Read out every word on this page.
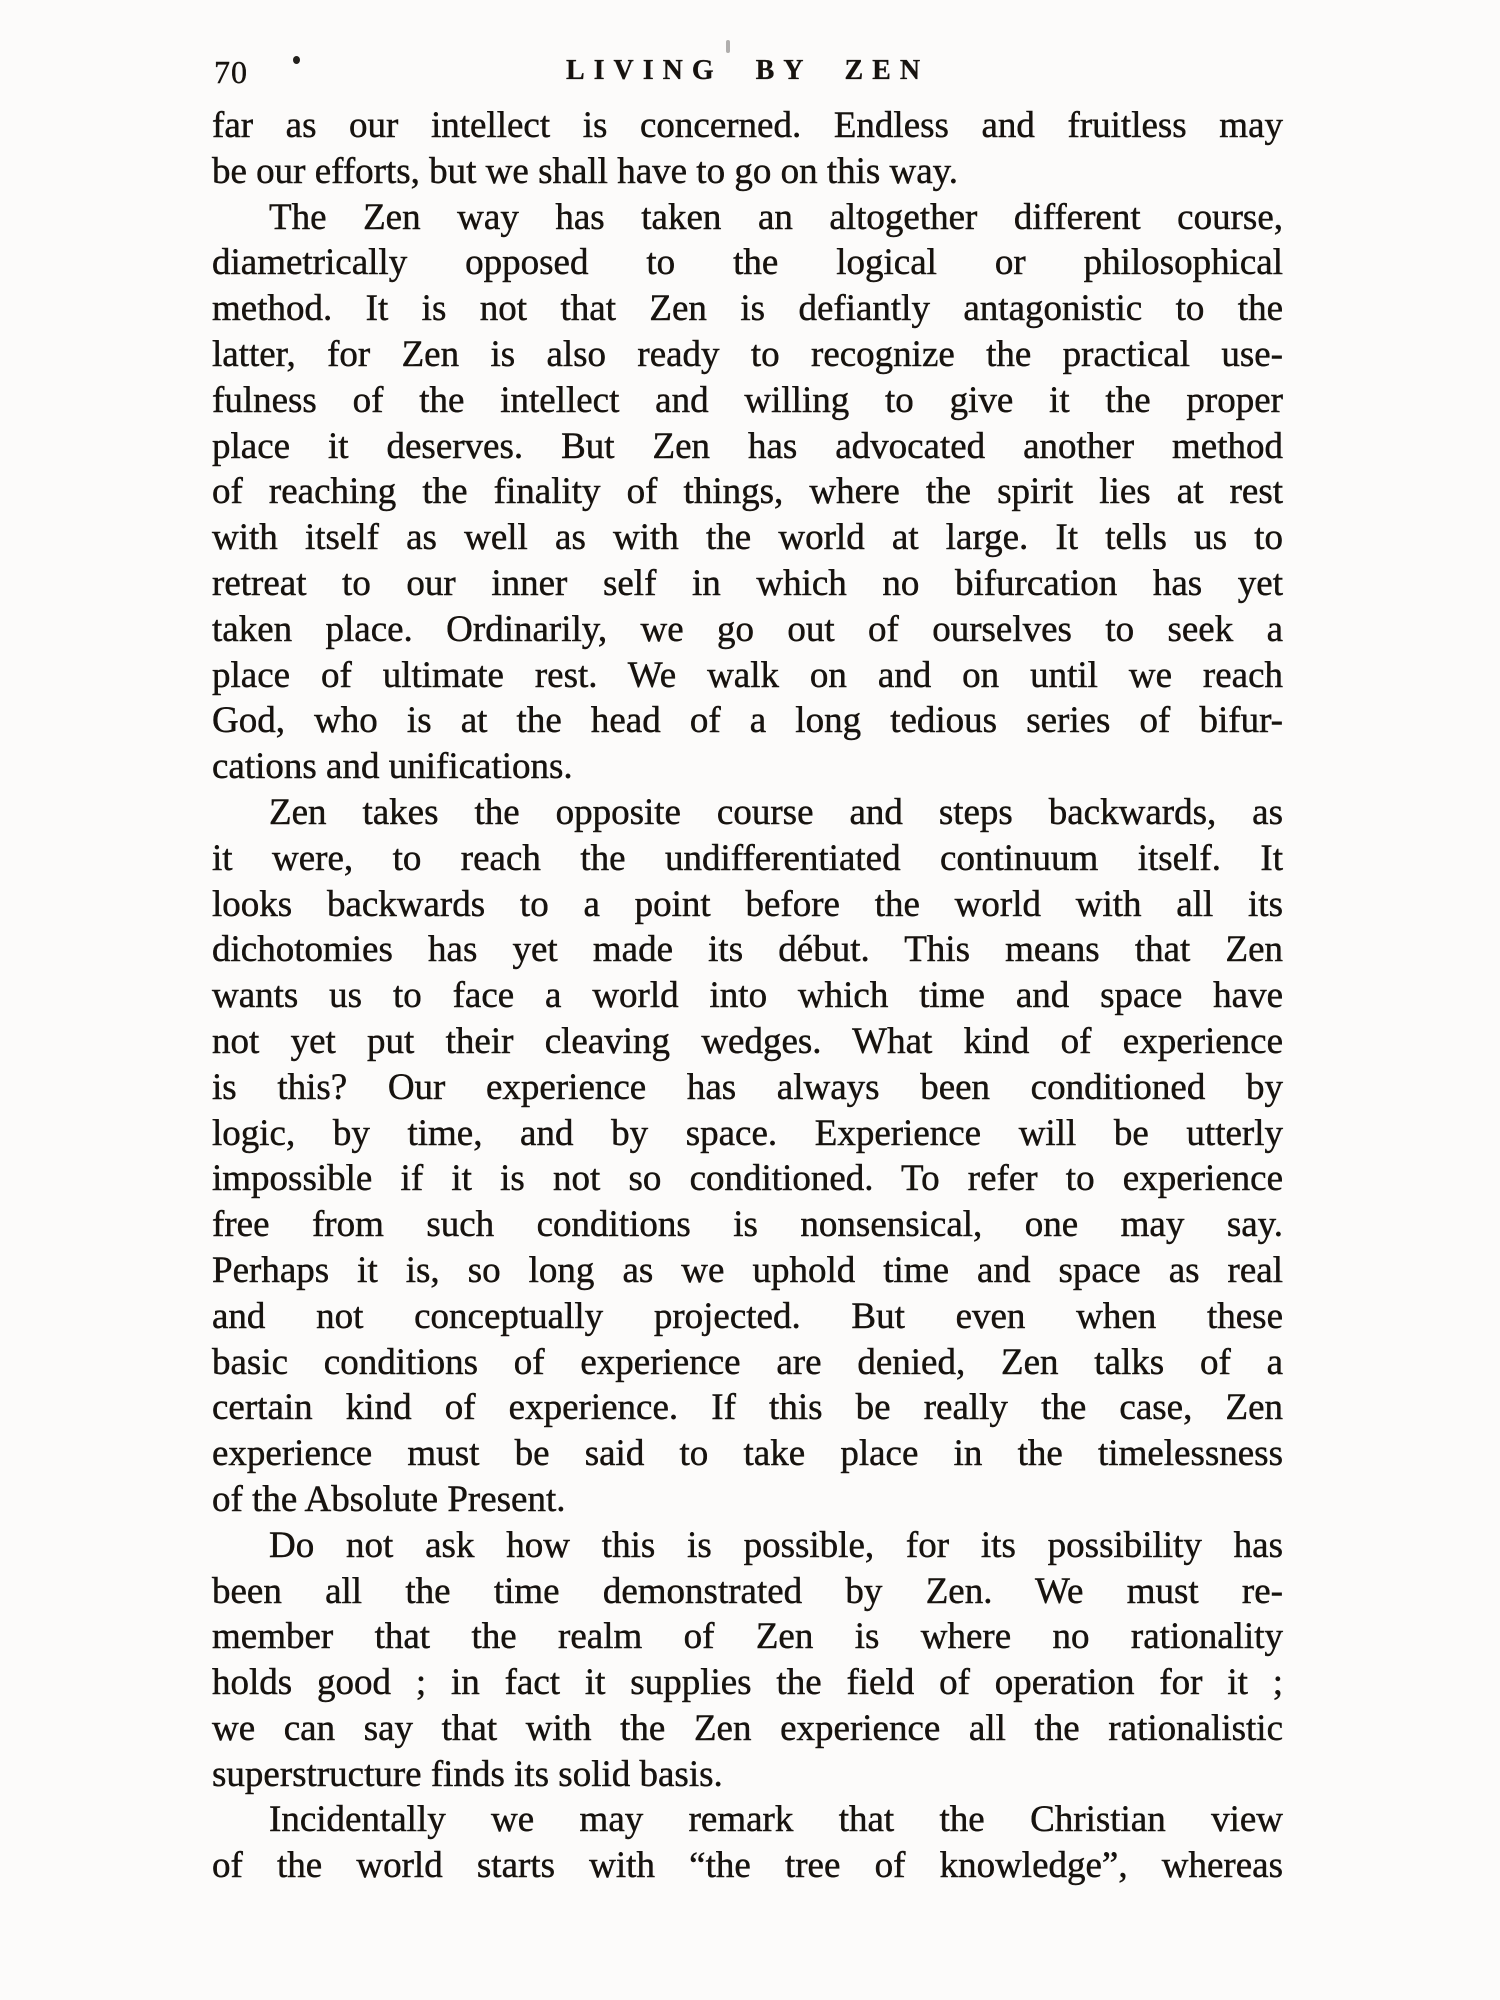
70	LIVING BY ZEN
far as our intellect is concerned. Endless and fruitless may
be our efforts, but we shall have to go on this way.
The Zen way has taken an altogether different course,
diametrically opposed to the logical or philosophical
method. It is not that Zen is defiantly antagonistic to the
latter, for Zen is also ready to recognize the practical use-
fulness of the intellect and willing to give it the proper
place it deserves. But Zen has advocated another method
of reaching the finality of things, where the spirit lies at rest
with itself as well as with the world at large. It tells us to
retreat to our inner self in which no bifurcation has yet
taken place. Ordinarily, we go out of ourselves to seek a
place of ultimate rest. We walk on and on until we reach
God, who is at the head of a long tedious series of bifur-
cations and unifications.
Zen takes the opposite course and steps backwards, as
it were, to reach the undifferentiated continuum itself. It
looks backwards to a point before the world with all its
dichotomies has yet made its début. This means that Zen
wants us to face a world into which time and space have
not yet put their cleaving wedges. What kind of experience
is this? Our experience has always been conditioned by
logic, by time, and by space. Experience will be utterly
impossible if it is not so conditioned. To refer to experience
free from such conditions is nonsensical, one may say.
Perhaps it is, so long as we uphold time and space as real
and not conceptually projected. But even when these
basic conditions of experience are denied, Zen talks of a
certain kind of experience. If this be really the case, Zen
experience must be said to take place in the timelessness
of the Absolute Present.
Do not ask how this is possible, for its possibility has
been all the time demonstrated by Zen. We must re-
member that the realm of Zen is where no rationality
holds good ; in fact it supplies the field of operation for it ;
we can say that with the Zen experience all the rationalistic
superstructure finds its solid basis.
Incidentally we may remark that the Christian view
of the world starts with “the tree of knowledge”, whereas
